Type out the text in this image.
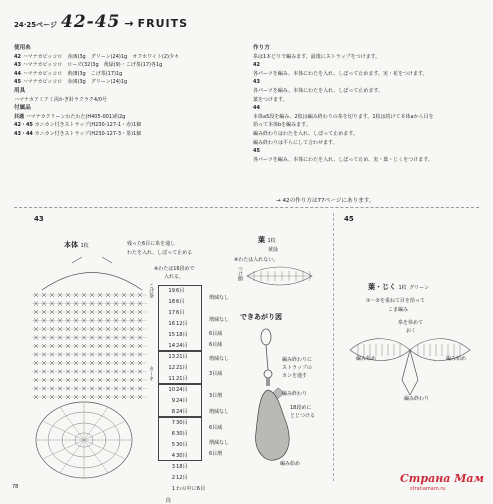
24·25ページ 42-45 → FRUITS
使用糸
42 ハマナカピッコロ　赤(6)3g　グリーン(24)1g　オフホワイト(2)少々
43 ハマナカピッコロ　ローズ(32)3g　黄緑(9)・こげ茶(17)各1g
44 ハマナカピッコロ　黄(8)3g　こげ茶(17)1g
45 ハマナカピッコロ　赤(6)3g　グリーン(24)1g
用具
ハマナカアミアミ両かぎ針ラクラク4/0号
付属品
共通 ハマナカクリーンわたわた(H405-001)約2g
42・45 カニカン付きストラップ(H230-127-1・赤)1個
43・44 カニカン付きストラップ(H230-127-3・茶)1個
作り方
糸は1本どりで編みます。最後にストラップをつけます。
42
各パーツを編み、本体にわたを入れ、しぼって止めます。実・花をつけます。
43
各パーツを編み、本体にわたを入れ、しぼって止めます。
葉をつけます。
44
本体a5段を編み、2枚は編み終わりの糸を切ります。1枚は続けて本体aから目を
拾って本体bを編みます。
編み終わりはわたを入れ、しぼって止めます。
編み終わりは平らにして合わせます。
45
各パーツを編み、本体にわたを入れ、しぼって止め、実・葉・じくをつけます。
→ 42の作り方は77ページにあります。
43
本体 1枚	残った6目に糸を通し
わたを入れ、しぼって止める
※わたは16段めで
入れる。
こげ茶
カーキ
19 6目
18 6目
17 6目
16 12目
15 18目
14 24目
13 21目
12 21目
11 21目
10 24目
9 24目
8 24目
7 30目
6 30目
5 30目
4 30目
3 18目
2 12目
1 わの中に6目
段
増減なし
増減なし
6目減
6目減
増減なし
3目減
3目増
増減なし
6目減
増減なし
6目増
葉 1枚
黄緑
※わたは入れない。
つけ側
できあがり図
編み終わりに
ストラップの
カンを通す
編み終わり
18段めに
とじつける
編み始め
45
葉・じく 1枚 グリーン
①〜②を重ねて目を拾って
こま編み
糸を休めて
おく
編み始め	編み始め
編み終わり
78
Страна Мам
stranamam.ru
